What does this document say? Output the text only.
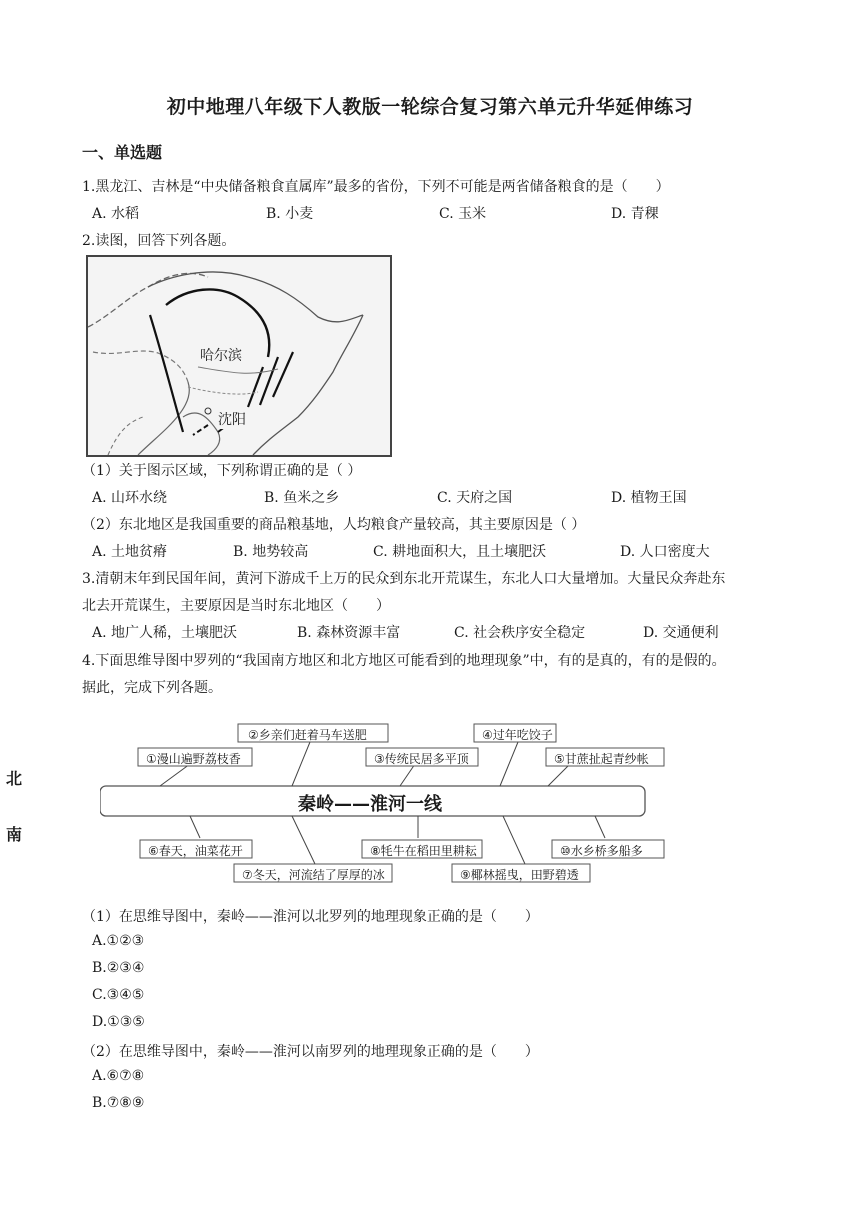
初中地理八年级下人教版一轮综合复习第六单元升华延伸练习
一、单选题
1.黑龙江、吉林是“中央储备粮食直属库”最多的省份，下列不可能是两省储备粮食的是（　　）
A. 水稻	B. 小麦	C. 玉米	D. 青稞
2.读图，回答下列各题。
哈尔滨
沈阳
（1）关于图示区域，下列称谓正确的是（ ）
A. 山环水绕	B. 鱼米之乡	C. 天府之国	D. 植物王国
（2）东北地区是我国重要的商品粮基地，人均粮食产量较高，其主要原因是（ ）
A. 土地贫瘠	B. 地势较高	C. 耕地面积大，且土壤肥沃	D. 人口密度大
3.清朝末年到民国年间，黄河下游成千上万的民众到东北开荒谋生，东北人口大量增加。大量民众奔赴东
北去开荒谋生，主要原因是当时东北地区（　　）
A. 地广人稀，土壤肥沃	B. 森林资源丰富	C. 社会秩序安全稳定	D. 交通便利
4.下面思维导图中罗列的“我国南方地区和北方地区可能看到的地理现象”中，有的是真的，有的是假的。
据此，完成下列各题。
北
南
秦岭——淮河一线
②乡亲们赶着马车送肥	④过年吃饺子
①漫山遍野荔枝香	③传统民居多平顶	⑤甘蔗扯起青纱帐
⑥春天，油菜花开	⑧牦牛在稻田里耕耘	⑩水乡桥多船多
⑦冬天，河流结了厚厚的冰	⑨椰林摇曳，田野碧透
（1）在思维导图中，秦岭——淮河以北罗列的地理现象正确的是（　　）
A.①②③
B.②③④
C.③④⑤
D.①③⑤
（2）在思维导图中，秦岭——淮河以南罗列的地理现象正确的是（　　）
A.⑥⑦⑧
B.⑦⑧⑨
